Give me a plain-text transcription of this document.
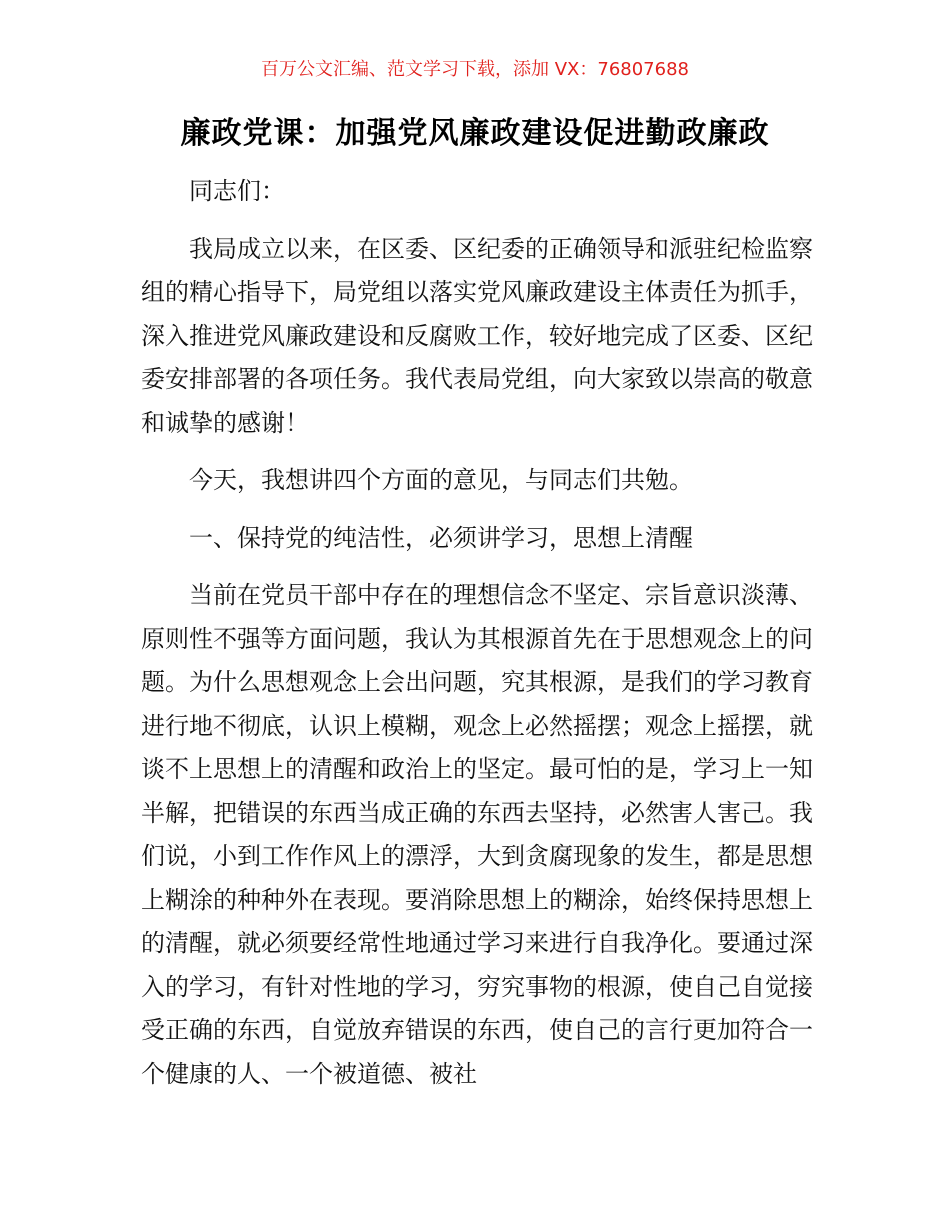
百万公文汇编、范文学习下载，添加 VX：76807688
廉政党课：加强党风廉政建设促进勤政廉政

同志们：

我局成立以来，在区委、区纪委的正确领导和派驻纪检监察组的精心指导下，局党组以落实党风廉政建设主体责任为抓手，深入推进党风廉政建设和反腐败工作，较好地完成了区委、区纪委安排部署的各项任务。我代表局党组，向大家致以崇高的敬意和诚挚的感谢！

今天，我想讲四个方面的意见，与同志们共勉。

一、保持党的纯洁性，必须讲学习，思想上清醒

当前在党员干部中存在的理想信念不坚定、宗旨意识淡薄、原则性不强等方面问题，我认为其根源首先在于思想观念上的问题。为什么思想观念上会出问题，究其根源，是我们的学习教育进行地不彻底，认识上模糊，观念上必然摇摆；观念上摇摆，就谈不上思想上的清醒和政治上的坚定。最可怕的是，学习上一知半解，把错误的东西当成正确的东西去坚持，必然害人害己。我们说，小到工作作风上的漂浮，大到贪腐现象的发生，都是思想上糊涂的种种外在表现。要消除思想上的糊涂，始终保持思想上的清醒，就必须要经常性地通过学习来进行自我净化。要通过深入的学习，有针对性地的学习，穷究事物的根源，使自己自觉接受正确的东西，自觉放弃错误的东西，使自己的言行更加符合一个健康的人、一个被道德、被社
